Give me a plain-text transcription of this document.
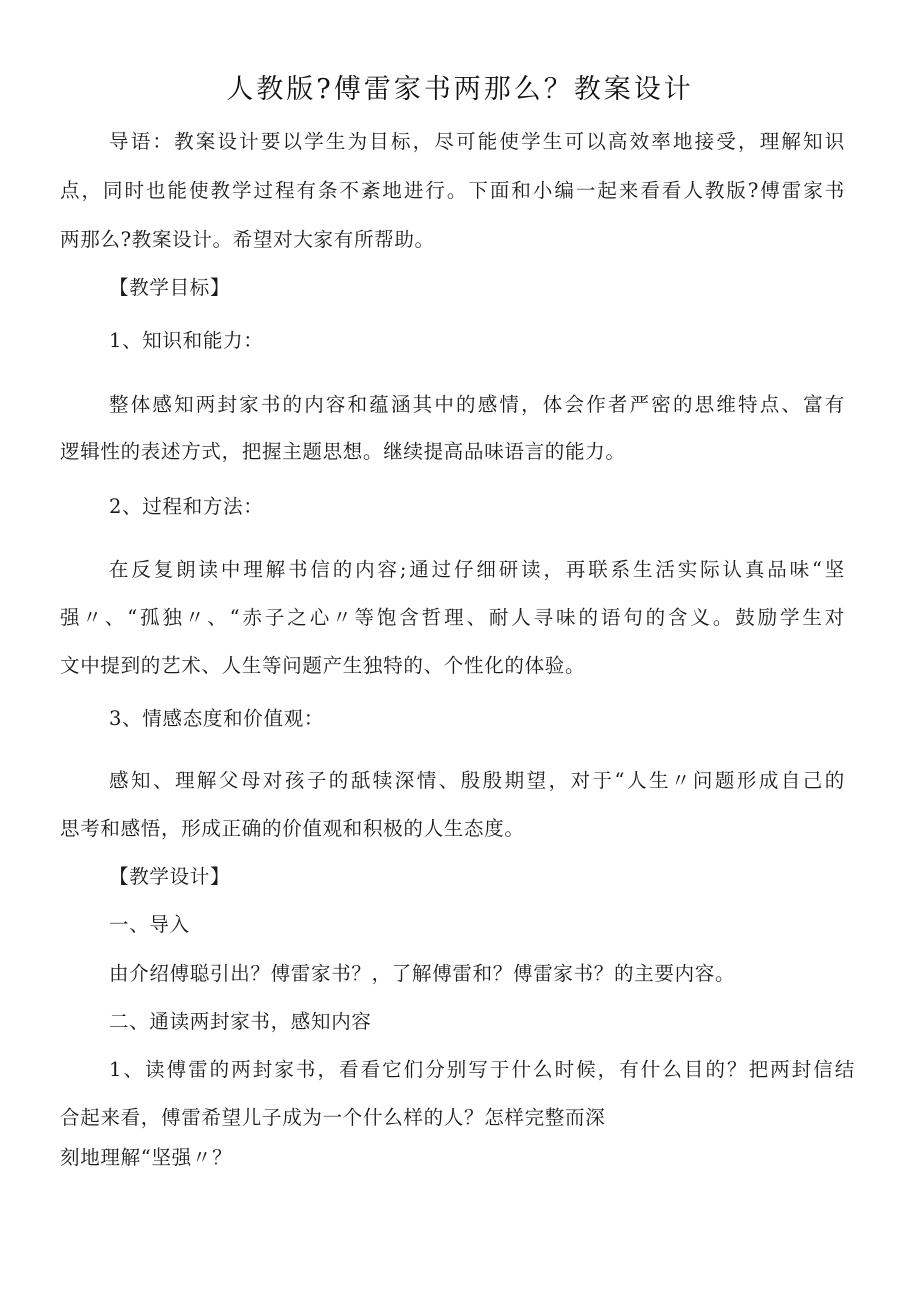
人教版?傅雷家书两那么？教案设计

导语：教案设计要以学生为目标，尽可能使学生可以高效率地接受，理解知识

点，同时也能使教学过程有条不紊地进行。下面和小编一起来看看人教版?傅雷家书

两那么?教案设计。希望对大家有所帮助。

【教学目标】

1、知识和能力：

整体感知两封家书的内容和蕴涵其中的感情，体会作者严密的思维特点、富有

逻辑性的表述方式，把握主题思想。继续提高品味语言的能力。

2、过程和方法：

在反复朗读中理解书信的内容;通过仔细研读，再联系生活实际认真品味“坚

强〃、“孤独〃、“赤子之心〃等饱含哲理、耐人寻味的语句的含义。鼓励学生对

文中提到的艺术、人生等问题产生独特的、个性化的体验。

3、情感态度和价值观：

感知、理解父母对孩子的舐犊深情、殷殷期望，对于“人生〃问题形成自己的

思考和感悟，形成正确的价值观和积极的人生态度。

【教学设计】

一、导入

由介绍傅聪引出？傅雷家书？，了解傅雷和？傅雷家书？的主要内容。

二、通读两封家书，感知内容

1、读傅雷的两封家书，看看它们分别写于什么时候，有什么目的？把两封信结

合起来看，傅雷希望儿子成为一个什么样的人？怎样完整而深

刻地理解“坚强〃？
